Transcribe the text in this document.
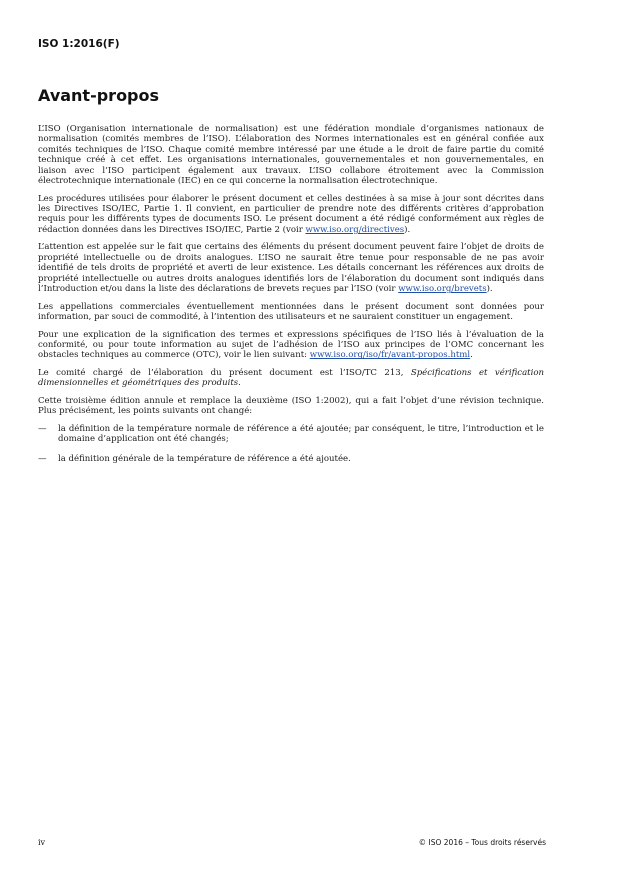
ISO 1:2016(F)
Avant-propos

L’ISO (Organisation internationale de normalisation) est une fédération mondiale d’organismes nationaux de normalisation (comités membres de l’ISO). L’élaboration des Normes internationales est en général confiée aux comités techniques de l’ISO. Chaque comité membre intéressé par une étude a le droit de faire partie du comité technique créé à cet effet. Les organisations internationales, gouvernementales et non gouvernementales, en liaison avec l’ISO participent également aux travaux. L’ISO collabore étroitement avec la Commission électrotechnique internationale (IEC) en ce qui concerne la normalisation électrotechnique.

Les procédures utilisées pour élaborer le présent document et celles destinées à sa mise à jour sont décrites dans les Directives ISO/IEC, Partie 1. Il convient, en particulier de prendre note des différents critères d’approbation requis pour les différents types de documents ISO. Le présent document a été rédigé conformément aux règles de rédaction données dans les Directives ISO/IEC, Partie 2 (voir www.iso.org/directives).

L’attention est appelée sur le fait que certains des éléments du présent document peuvent faire l’objet de droits de propriété intellectuelle ou de droits analogues. L’ISO ne saurait être tenue pour responsable de ne pas avoir identifié de tels droits de propriété et averti de leur existence. Les détails concernant les références aux droits de propriété intellectuelle ou autres droits analogues identifiés lors de l’élaboration du document sont indiqués dans l’Introduction et/ou dans la liste des déclarations de brevets reçues par l’ISO (voir www.iso.org/brevets).

Les appellations commerciales éventuellement mentionnées dans le présent document sont données pour information, par souci de commodité, à l’intention des utilisateurs et ne sauraient constituer un engagement.

Pour une explication de la signification des termes et expressions spécifiques de l’ISO liés à l’évaluation de la conformité, ou pour toute information au sujet de l’adhésion de l’ISO aux principes de l’OMC concernant les obstacles techniques au commerce (OTC), voir le lien suivant: www.iso.org/iso/fr/avant-propos.html.

Le comité chargé de l’élaboration du présent document est l’ISO/TC 213, Spécifications et vérification dimensionnelles et géométriques des produits.

Cette troisième édition annule et remplace la deuxième (ISO 1:2002), qui a fait l’objet d’une révision technique. Plus précisément, les points suivants ont changé:

—	la définition de la température normale de référence a été ajoutée; par conséquent, le titre, l’introduction et le domaine d’application ont été changés;
—	la définition générale de la température de référence a été ajoutée.
iv	© ISO 2016 – Tous droits réservés
